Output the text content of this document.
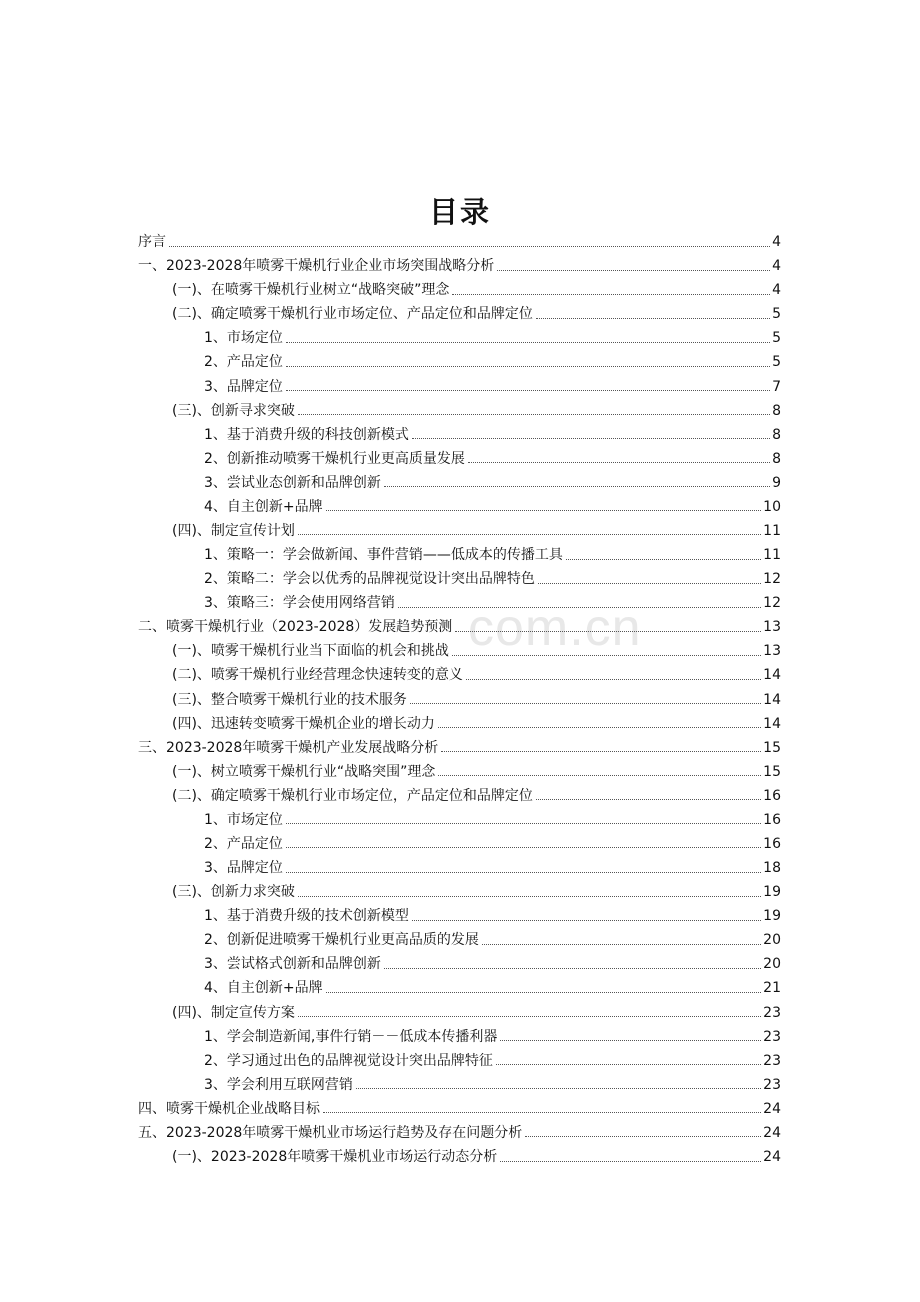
com.cn
目录
序言	4
一、2023-2028年喷雾干燥机行业企业市场突围战略分析	4
(一)、在喷雾干燥机行业树立“战略突破”理念	4
(二)、确定喷雾干燥机行业市场定位、产品定位和品牌定位	5
1、市场定位	5
2、产品定位	5
3、品牌定位	7
(三)、创新寻求突破	8
1、基于消费升级的科技创新模式	8
2、创新推动喷雾干燥机行业更高质量发展	8
3、尝试业态创新和品牌创新	9
4、自主创新+品牌	10
(四)、制定宣传计划	11
1、策略一：学会做新闻、事件营销——低成本的传播工具	11
2、策略二：学会以优秀的品牌视觉设计突出品牌特色	12
3、策略三：学会使用网络营销	12
二、喷雾干燥机行业（2023-2028）发展趋势预测	13
(一)、喷雾干燥机行业当下面临的机会和挑战	13
(二)、喷雾干燥机行业经营理念快速转变的意义	14
(三)、整合喷雾干燥机行业的技术服务	14
(四)、迅速转变喷雾干燥机企业的增长动力	14
三、2023-2028年喷雾干燥机产业发展战略分析	15
(一)、树立喷雾干燥机行业“战略突围”理念	15
(二)、确定喷雾干燥机行业市场定位，产品定位和品牌定位	16
1、市场定位	16
2、产品定位	16
3、品牌定位	18
(三)、创新力求突破	19
1、基于消费升级的技术创新模型	19
2、创新促进喷雾干燥机行业更高品质的发展	20
3、尝试格式创新和品牌创新	20
4、自主创新+品牌	21
(四)、制定宣传方案	23
1、学会制造新闻,事件行销－－低成本传播利器	23
2、学习通过出色的品牌视觉设计突出品牌特征	23
3、学会利用互联网营销	23
四、喷雾干燥机企业战略目标	24
五、2023-2028年喷雾干燥机业市场运行趋势及存在问题分析	24
(一)、2023-2028年喷雾干燥机业市场运行动态分析	24
